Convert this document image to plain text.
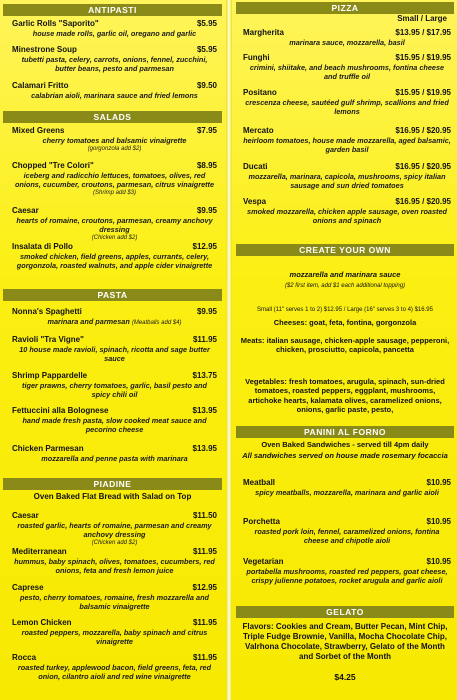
ANTIPASTI
Garlic Rolls "Saporito"	$5.95
house made rolls, garlic oil, oregano and garlic
Minestrone Soup	$5.95
tubetti pasta, celery, carrots, onions, fennel, zucchini, butter beans, pesto and parmesan
Calamari Fritto	$9.50
calabrian aioli, marinara sauce and fried lemons
SALADS
Mixed Greens	$7.95
cherry tomatoes and balsamic vinaigrette
(gorgonzola add $2)
Chopped "Tre Colori"	$8.95
iceberg and radicchio lettuces, tomatoes, olives, red onions, cucumber, croutons, parmesan, citrus vinaigrette
(Shrimp add $3)
Caesar	$9.95
hearts of romaine, croutons, parmesan, creamy anchovy dressing
(Chicken add $2)
Insalata di Pollo	$12.95
smoked chicken, field greens, apples, currants, celery, gorgonzola, roasted walnuts, and apple cider vinaigrette
PASTA
Nonna's Spaghetti	$9.95
marinara and parmesan (Meatballs add $4)
Ravioli "Tra Vigne"	$11.95
10 house made ravioli, spinach, ricotta and sage butter sauce
Shrimp Pappardelle	$13.75
tiger prawns, cherry tomatoes, garlic, basil pesto and spicy chili oil
Fettuccini alla Bolognese	$13.95
hand made fresh pasta, slow cooked meat sauce and pecorino cheese
Chicken Parmesan	$13.95
mozzarella and penne pasta with marinara
PIADINE
Oven Baked Flat Bread with Salad on Top
Caesar	$11.50
roasted garlic, hearts of romaine, parmesan and creamy anchovy dressing
(Chicken add $2)
Mediterranean	$11.95
hummus, baby spinach, olives, tomatoes, cucumbers, red onions, feta and fresh lemon juice
Caprese	$12.95
pesto, cherry tomatoes, romaine, fresh mozzarella and balsamic vinaigrette
Lemon Chicken	$11.95
roasted peppers, mozzarella, baby spinach and citrus vinaigrette
Rocca	$11.95
roasted turkey, applewood bacon, field greens, feta, red onion, cilantro aioli and red wine vinaigrette
PIZZA
Small / Large
Margherita	$13.95 / $17.95
marinara sauce, mozzarella, basil
Funghi	$15.95 / $19.95
crimini, shiitake, and beach mushrooms, fontina cheese and truffle oil
Positano	$15.95 / $19.95
crescenza cheese, sautéed gulf shrimp, scallions and fried lemons
Mercato	$16.95 / $20.95
heirloom tomatoes, house made mozzarella, aged balsamic, garden basil
Ducati	$16.95 / $20.95
mozzarella, marinara, capicola, mushrooms, spicy italian sausage and sun dried tomatoes
Vespa	$16.95 / $20.95
smoked mozzarella, chicken apple sausage, oven roasted onions and spinach
CREATE YOUR OWN
mozzarella and marinara sauce
($2 first item, add $1 each additional topping)
Small (11" serves 1 to 2) $12.95 / Large (16" serves 3 to 4) $16.95
Cheeses: goat, feta, fontina, gorgonzola
Meats: italian sausage, chicken-apple sausage, pepperoni, chicken, prosciutto, capicola, pancetta
Vegetables: fresh tomatoes, arugula, spinach, sun-dried tomatoes, roasted peppers, eggplant, mushrooms, artichoke hearts, kalamata olives, caramelized onions, onions, garlic paste, pesto,
PANINI AL FORNO
Oven Baked Sandwiches - served till 4pm daily
All sandwiches served on house made rosemary focaccia
Meatball	$10.95
spicy meatballs, mozzarella, marinara and garlic aioli
Porchetta	$10.95
roasted pork loin, fennel, caramelized onions, fontina cheese and chipotle aioli
Vegetarian	$10.95
portabella mushrooms, roasted red peppers, goat cheese, crispy julienne potatoes, rocket arugula and garlic aioli
GELATO
Flavors: Cookies and Cream, Butter Pecan, Mint Chip, Triple Fudge Brownie, Vanilla, Mocha Chocolate Chip, Valrhona Chocolate, Strawberry, Gelato of the Month and Sorbet of the Month
$4.25
